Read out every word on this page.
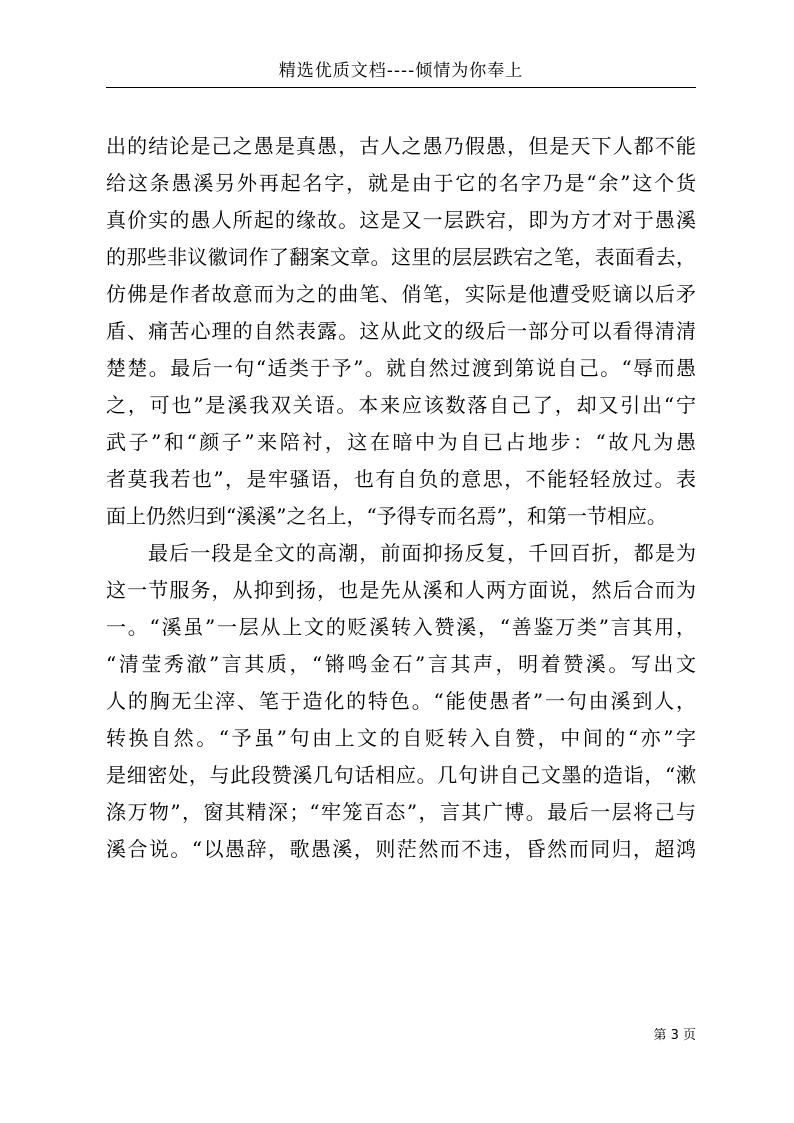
精选优质文档----倾情为你奉上
出的结论是己之愚是真愚，古人之愚乃假愚，但是天下人都不能
给这条愚溪另外再起名字，就是由于它的名字乃是“余”这个货
真价实的愚人所起的缘故。这是又一层跌宕，即为方才对于愚溪
的那些非议徽词作了翻案文章。这里的层层跌宕之笔，表面看去，
仿佛是作者故意而为之的曲笔、俏笔，实际是他遭受贬谪以后矛
盾、痛苦心理的自然表露。这从此文的级后一部分可以看得清清
楚楚。最后一句“适类于予”。就自然过渡到第说自己。“辱而愚
之，可也”是溪我双关语。本来应该数落自己了，却又引出“宁
武子”和“颜子”来陪衬，这在暗中为自已占地步：“故凡为愚
者莫我若也”，是牢骚语，也有自负的意思，不能轻轻放过。表
面上仍然归到“溪溪”之名上，“予得专而名焉”，和第一节相应。
最后一段是全文的高潮，前面抑扬反复，千回百折，都是为
这一节服务，从抑到扬，也是先从溪和人两方面说，然后合而为
一。“溪虽”一层从上文的贬溪转入赞溪，“善鉴万类”言其用，
“清莹秀澈”言其质，“锵鸣金石”言其声，明着赞溪。写出文
人的胸无尘滓、笔于造化的特色。“能使愚者”一句由溪到人，
转换自然。“予虽”句由上文的自贬转入自赞，中间的“亦”字
是细密处，与此段赞溪几句话相应。几句讲自己文墨的造诣，“漱
涤万物”，窗其精深；“牢笼百态”，言其广博。最后一层将己与
溪合说。“以愚辞，歌愚溪，则茫然而不违，昏然而同归，超鸿
第 3 页
